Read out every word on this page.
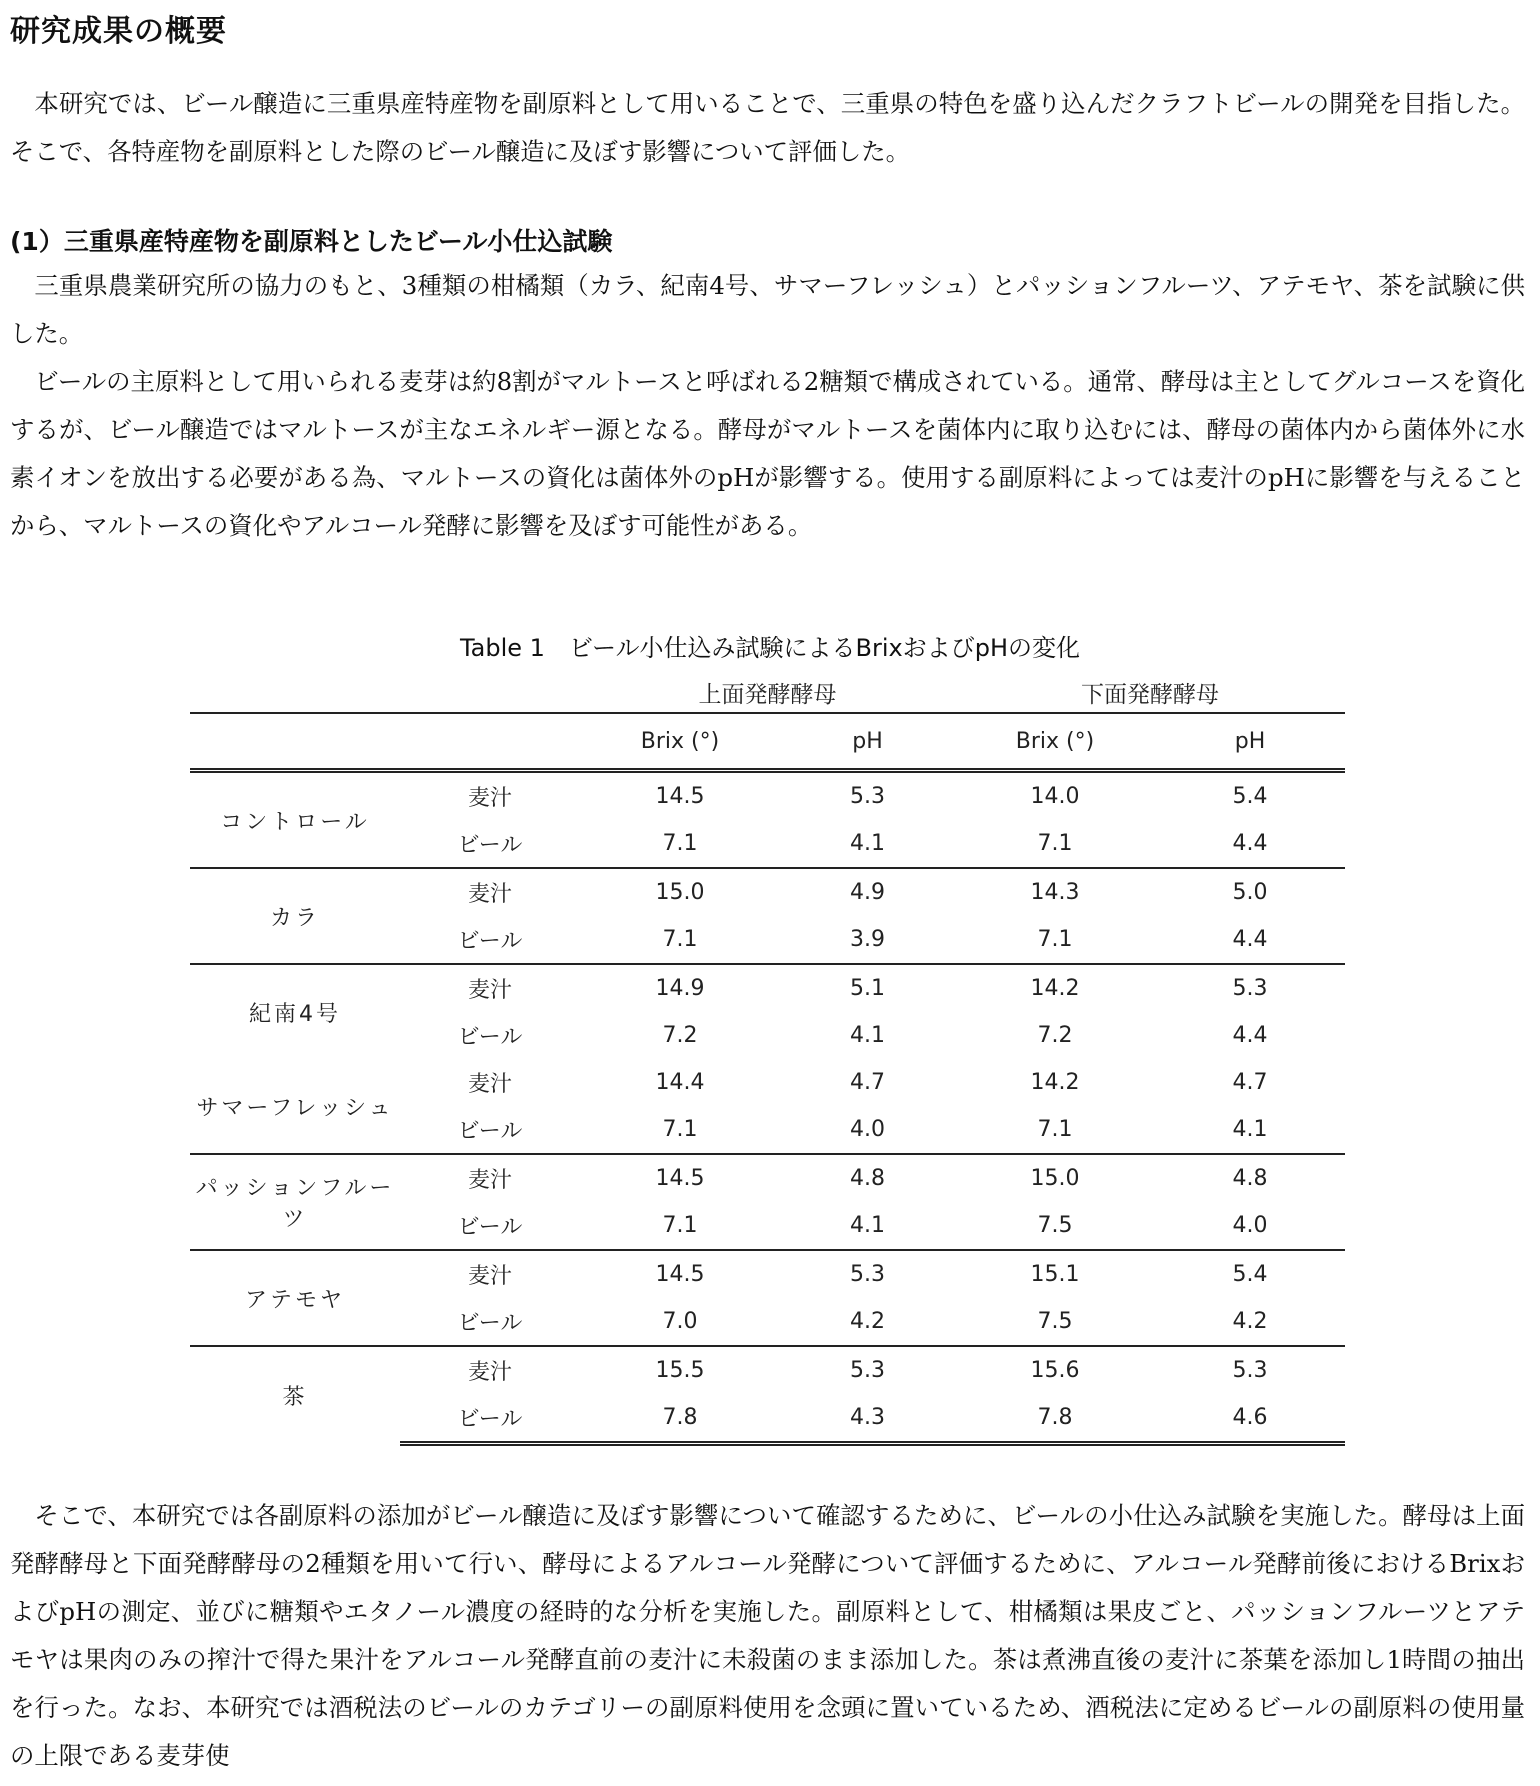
研究成果の概要

本研究では、ビール醸造に三重県産特産物を副原料として用いることで、三重県の特色を盛り込んだクラフトビールの開発を目指した。そこで、各特産物を副原料とした際のビール醸造に及ぼす影響について評価した。

(1）三重県産特産物を副原料としたビール小仕込試験

三重県農業研究所の協力のもと、3種類の柑橘類（カラ、紀南4号、サマーフレッシュ）とパッションフルーツ、アテモヤ、茶を試験に供した。

ビールの主原料として用いられる麦芽は約8割がマルトースと呼ばれる2糖類で構成されている。通常、酵母は主としてグルコースを資化するが、ビール醸造ではマルトースが主なエネルギー源となる。酵母がマルトースを菌体内に取り込むには、酵母の菌体内から菌体外に水素イオンを放出する必要がある為、マルトースの資化は菌体外のpHが影響する。使用する副原料によっては麦汁のpHに影響を与えることから、マルトースの資化やアルコール発酵に影響を及ぼす可能性がある。

Table 1　ビール小仕込み試験によるBrixおよびpHの変化
		上面発酵酵母		下面発酵酵母	
		Brix (°)	pH	Brix (°)	pH
コントロール	麦汁	14.5	5.3	14.0	5.4
	ビール	7.1	4.1	7.1	4.4
カラ	麦汁	15.0	4.9	14.3	5.0
	ビール	7.1	3.9	7.1	4.4
紀南4号	麦汁	14.9	5.1	14.2	5.3
	ビール	7.2	4.1	7.2	4.4
サマーフレッシュ	麦汁	14.4	4.7	14.2	4.7
	ビール	7.1	4.0	7.1	4.1
パッションフルーツ	麦汁	14.5	4.8	15.0	4.8
	ビール	7.1	4.1	7.5	4.0
アテモヤ	麦汁	14.5	5.3	15.1	5.4
	ビール	7.0	4.2	7.5	4.2
茶	麦汁	15.5	5.3	15.6	5.3
	ビール	7.8	4.3	7.8	4.6

そこで、本研究では各副原料の添加がビール醸造に及ぼす影響について確認するために、ビールの小仕込み試験を実施した。酵母は上面発酵酵母と下面発酵酵母の2種類を用いて行い、酵母によるアルコール発酵について評価するために、アルコール発酵前後におけるBrixおよびpHの測定、並びに糖類やエタノール濃度の経時的な分析を実施した。副原料として、柑橘類は果皮ごと、パッションフルーツとアテモヤは果肉のみの搾汁で得た果汁をアルコール発酵直前の麦汁に未殺菌のまま添加した。茶は煮沸直後の麦汁に茶葉を添加し1時間の抽出を行った。なお、本研究では酒税法のビールのカテゴリーの副原料使用を念頭に置いているため、酒税法に定めるビールの副原料の使用量の上限である麦芽使
